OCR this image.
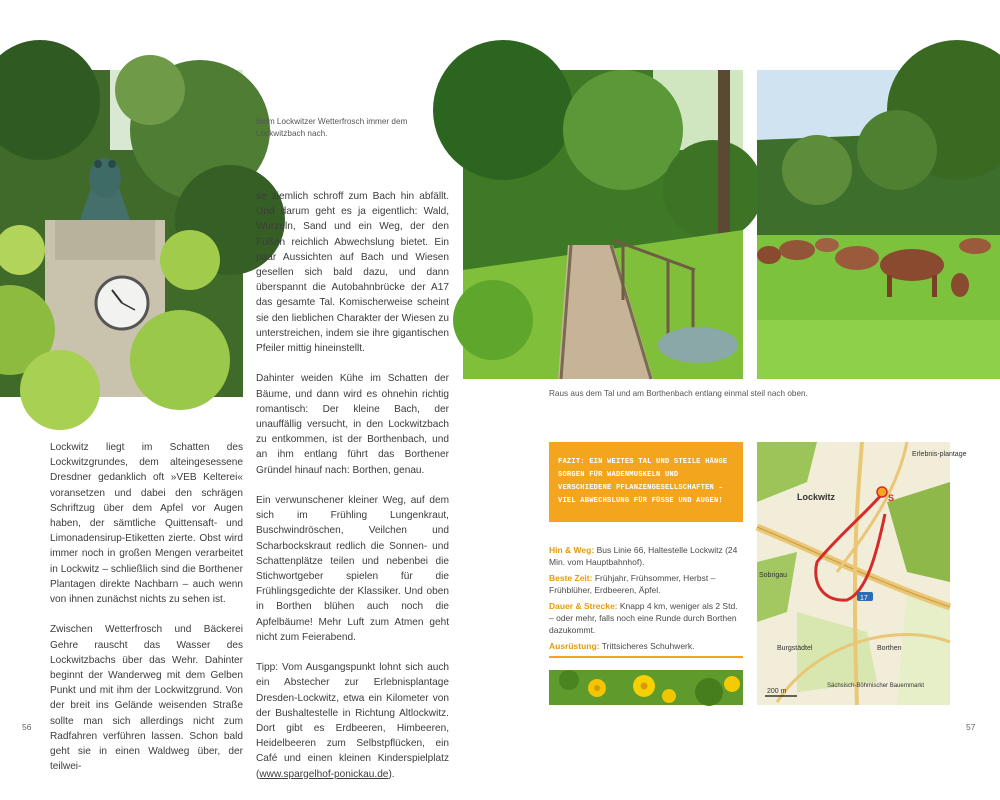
Beim Lockwitzer Wetterfrosch immer dem Lockwitzbach nach.
Raus aus dem Tal und am Borthenbach entlang einmal steil nach oben.

Lockwitz liegt im Schatten des Lockwitzgrundes, dem alteingesessene Dresdner gedanklich oft »VEB Kelterei« voransetzen und dabei den schrägen Schriftzug über dem Apfel vor Augen haben, der sämtliche Quittensaft- und Limonadensirup-Etiketten zierte. Obst wird immer noch in großen Mengen verarbeitet in Lockwitz – schließlich sind die Borthener Plantagen direkte Nachbarn – auch wenn von ihnen zunächst nichts zu sehen ist.

Zwischen Wetterfrosch und Bäckerei Gehre rauscht das Wasser des Lockwitzbachs über das Wehr. Dahinter beginnt der Wanderweg mit dem Gelben Punkt und mit ihm der Lockwitzgrund. Von der breit ins Gelände weisenden Straße sollte man sich allerdings nicht zum Radfahren verführen lassen. Schon bald geht sie in einen Waldweg über, der teilwei-

se ziemlich schroff zum Bach hin abfällt. Und darum geht es ja eigentlich: Wald, Wurzeln, Sand und ein Weg, der den Füßen reichlich Abwechslung bietet. Ein paar Aussichten auf Bach und Wiesen gesellen sich bald dazu, und dann überspannt die Autobahnbrücke der A17 das gesamte Tal. Komischerweise scheint sie den lieblichen Charakter der Wiesen zu unterstreichen, indem sie ihre gigantischen Pfeiler mittig hineinstellt.

Dahinter weiden Kühe im Schatten der Bäume, und dann wird es ohnehin richtig romantisch: Der kleine Bach, der unauffällig versucht, in den Lockwitzbach zu entkommen, ist der Borthenbach, und an ihm entlang führt das Borthener Gründel hinauf nach: Borthen, genau.

Ein verwunschener kleiner Weg, auf dem sich im Frühling Lungenkraut, Buschwindröschen, Veilchen und Scharbockskraut redlich die Sonnen- und Schattenplätze teilen und nebenbei die Stichwortgeber spielen für die Frühlingsgedichte der Klassiker. Und oben in Borthen blühen auch noch die Apfelbäume! Mehr Luft zum Atmen geht nicht zum Feierabend.

Tipp: Vom Ausgangspunkt lohnt sich auch ein Abstecher zur Erlebnisplantage Dresden-Lockwitz, etwa ein Kilometer von der Bushaltestelle in Richtung Altlockwitz. Dort gibt es Erdbeeren, Himbeeren, Heidelbeeren zum Selbstpflücken, ein Café und einen kleinen Kinderspielplatz (www.spargelhof-ponickau.de).

FAZIT: EIN WEITES TAL UND STEILE HÄNGE SORGEN FÜR WADENMUSKELN UND VERSCHIEDENE PFLANZENGESELLSCHAFTEN – VIEL ABWECHSLUNG FÜR FÜSSE UND AUGEN!

Hin & Weg: Bus Linie 66, Haltestelle Lockwitz (24 Min. vom Hauptbahnhof).

Beste Zeit: Frühjahr, Frühsommer, Herbst – Frühblüher, Erdbeeren, Äpfel.

Dauer & Strecke: Knapp 4 km, weniger als 2 Std. – oder mehr, falls noch eine Runde durch Borthen dazukommt.

Ausrüstung: Trittsicheres Schuhwerk.

S
Lockwitz
Erlebnis-plantage
Sobrigau
Burgstädtel	Borthen
Sächsisch-Böhmischer Bauernmarkt
17
200 m
56	57
